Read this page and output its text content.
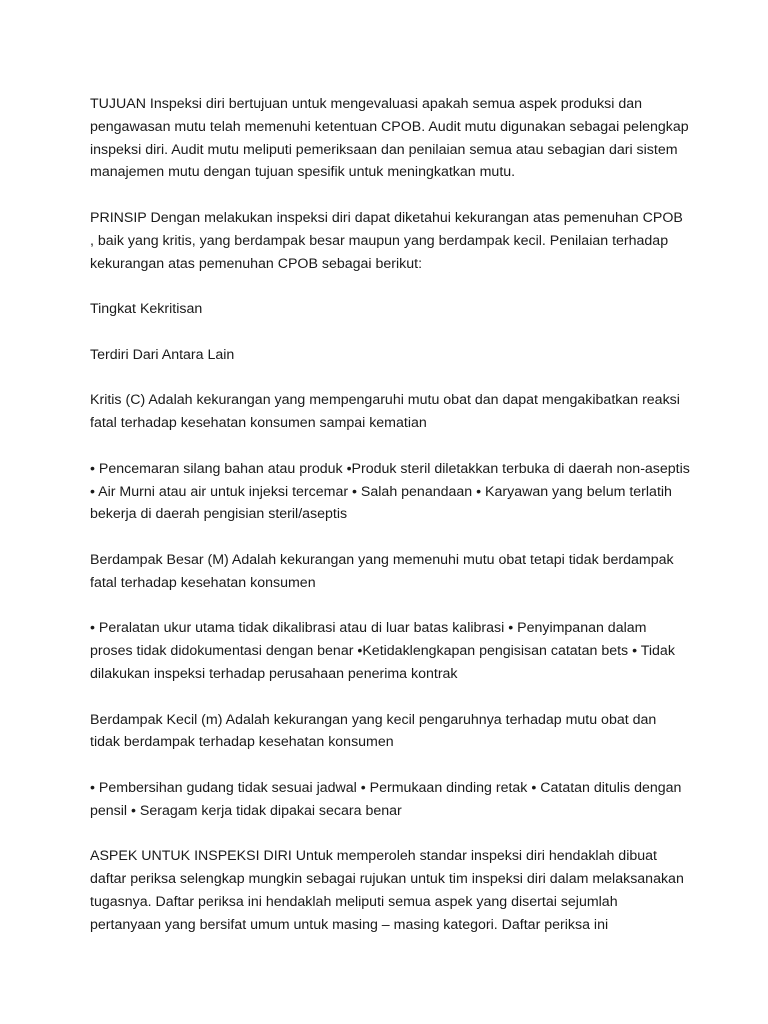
TUJUAN Inspeksi diri bertujuan untuk mengevaluasi apakah semua aspek produksi dan pengawasan mutu telah memenuhi ketentuan CPOB. Audit mutu digunakan sebagai pelengkap inspeksi diri. Audit mutu meliputi pemeriksaan dan penilaian semua atau sebagian dari sistem manajemen mutu dengan tujuan spesifik untuk meningkatkan mutu.

PRINSIP Dengan melakukan inspeksi diri dapat diketahui kekurangan atas pemenuhan CPOB , baik yang kritis, yang berdampak besar maupun yang berdampak kecil. Penilaian terhadap kekurangan atas pemenuhan CPOB sebagai berikut:

Tingkat Kekritisan

Terdiri Dari Antara Lain

Kritis (C) Adalah kekurangan yang mempengaruhi mutu obat dan dapat mengakibatkan reaksi fatal terhadap kesehatan konsumen sampai kematian

• Pencemaran silang bahan atau produk •Produk steril diletakkan terbuka di daerah non-aseptis • Air Murni atau air untuk injeksi tercemar • Salah penandaan • Karyawan yang belum terlatih bekerja di daerah pengisian steril/aseptis

Berdampak Besar (M) Adalah kekurangan yang memenuhi mutu obat tetapi tidak berdampak fatal terhadap kesehatan konsumen

• Peralatan ukur utama tidak dikalibrasi atau di luar batas kalibrasi • Penyimpanan dalam proses tidak didokumentasi dengan benar •Ketidaklengkapan pengisisan catatan bets • Tidak dilakukan inspeksi terhadap perusahaan penerima kontrak

Berdampak Kecil (m) Adalah kekurangan yang kecil pengaruhnya terhadap mutu obat dan tidak berdampak terhadap kesehatan konsumen

• Pembersihan gudang tidak sesuai jadwal • Permukaan dinding retak • Catatan ditulis dengan pensil • Seragam kerja tidak dipakai secara benar

ASPEK UNTUK INSPEKSI DIRI Untuk memperoleh standar inspeksi diri hendaklah dibuat daftar periksa selengkap mungkin sebagai rujukan untuk tim inspeksi diri dalam melaksanakan tugasnya. Daftar periksa ini hendaklah meliputi semua aspek yang disertai sejumlah pertanyaan yang bersifat umum untuk masing – masing kategori. Daftar periksa ini
